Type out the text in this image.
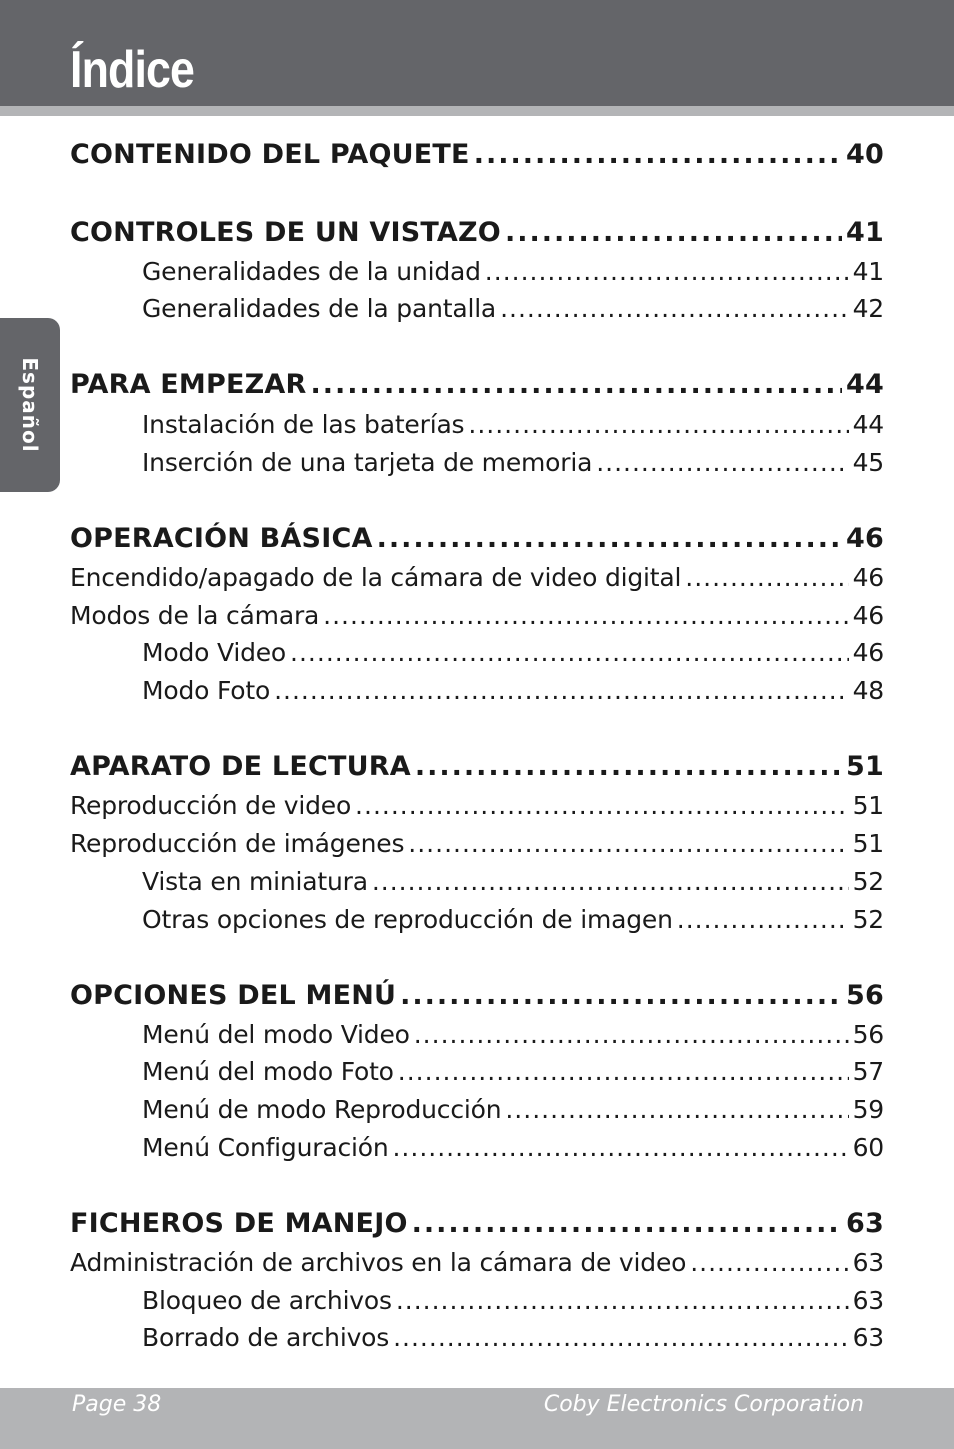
Índice
Español
CONTENIDO DEL PAQUETE .....	40
CONTROLES DE UN VISTAZO .....	41
Generalidades de la unidad .....	41
Generalidades de la pantalla .....	42
PARA EMPEZAR .....	44
Instalación de las baterías .....	44
Inserción de una tarjeta de memoria .....	45
OPERACIÓN BÁSICA .....	46
Encendido/apagado de la cámara de video digital .....	46
Modos de la cámara .....	46
Modo Video .....	46
Modo Foto .....	48
APARATO DE LECTURA .....	51
Reproducción de video .....	51
Reproducción de imágenes .....	51
Vista en miniatura .....	52
Otras opciones de reproducción de imagen .....	52
OPCIONES DEL MENÚ .....	56
Menú del modo Video .....	56
Menú del modo Foto .....	57
Menú de modo Reproducción .....	59
Menú Configuración .....	60
FICHEROS DE MANEJO .....	63
Administración de archivos en la cámara de video .....	63
Bloqueo de archivos .....	63
Borrado de archivos .....	63
Page 38	Coby Electronics Corporation
